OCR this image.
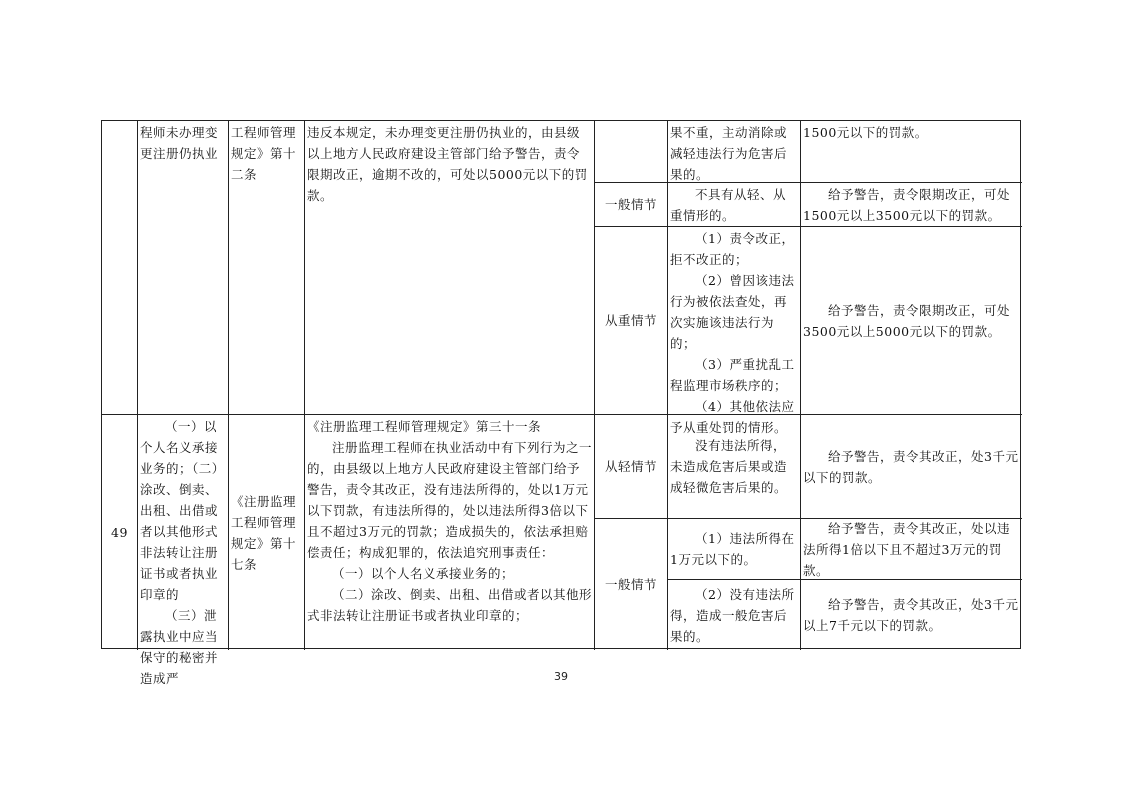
程师未办理变更注册仍执业

工程师管理规定》第十二条

违反本规定，未办理变更注册仍执业的，由县级以上地方人民政府建设主管部门给予警告，责令限期改正，逾期不改的，可处以5000元以下的罚款。

果不重，主动消除或减轻违法行为危害后果的。

1500元以下的罚款。

一般情节

不具有从轻、从重情形的。

给予警告，责令限期改正，可处1500元以上3500元以下的罚款。

从重情节

（1）责令改正，拒不改正的；

（2）曾因该违法行为被依法查处，再次实施该违法行为的；

（3）严重扰乱工程监理市场秩序的；

（4）其他依法应予从重处罚的情形。

给予警告，责令限期改正，可处3500元以上5000元以下的罚款。

49

（一）以个人名义承接业务的；（二）涂改、倒卖、出租、出借或者以其他形式非法转让注册证书或者执业印章的

（三）泄露执业中应当保守的秘密并造成严

《注册监理工程师管理规定》第十七条

《注册监理工程师管理规定》第三十一条

注册监理工程师在执业活动中有下列行为之一的，由县级以上地方人民政府建设主管部门给予警告，责令其改正，没有违法所得的，处以1万元以下罚款，有违法所得的，处以违法所得3倍以下且不超过3万元的罚款；造成损失的，依法承担赔偿责任；构成犯罪的，依法追究刑事责任：

（一）以个人名义承接业务的；

（二）涂改、倒卖、出租、出借或者以其他形式非法转让注册证书或者执业印章的；

从轻情节

没有违法所得，未造成危害后果或造成轻微危害后果的。

给予警告，责令其改正，处3千元以下的罚款。

一般情节

（1）违法所得在1万元以下的。

给予警告，责令其改正，处以违法所得1倍以下且不超过3万元的罚款。

（2）没有违法所得，造成一般危害后果的。

给予警告，责令其改正，处3千元以上7千元以下的罚款。

39
